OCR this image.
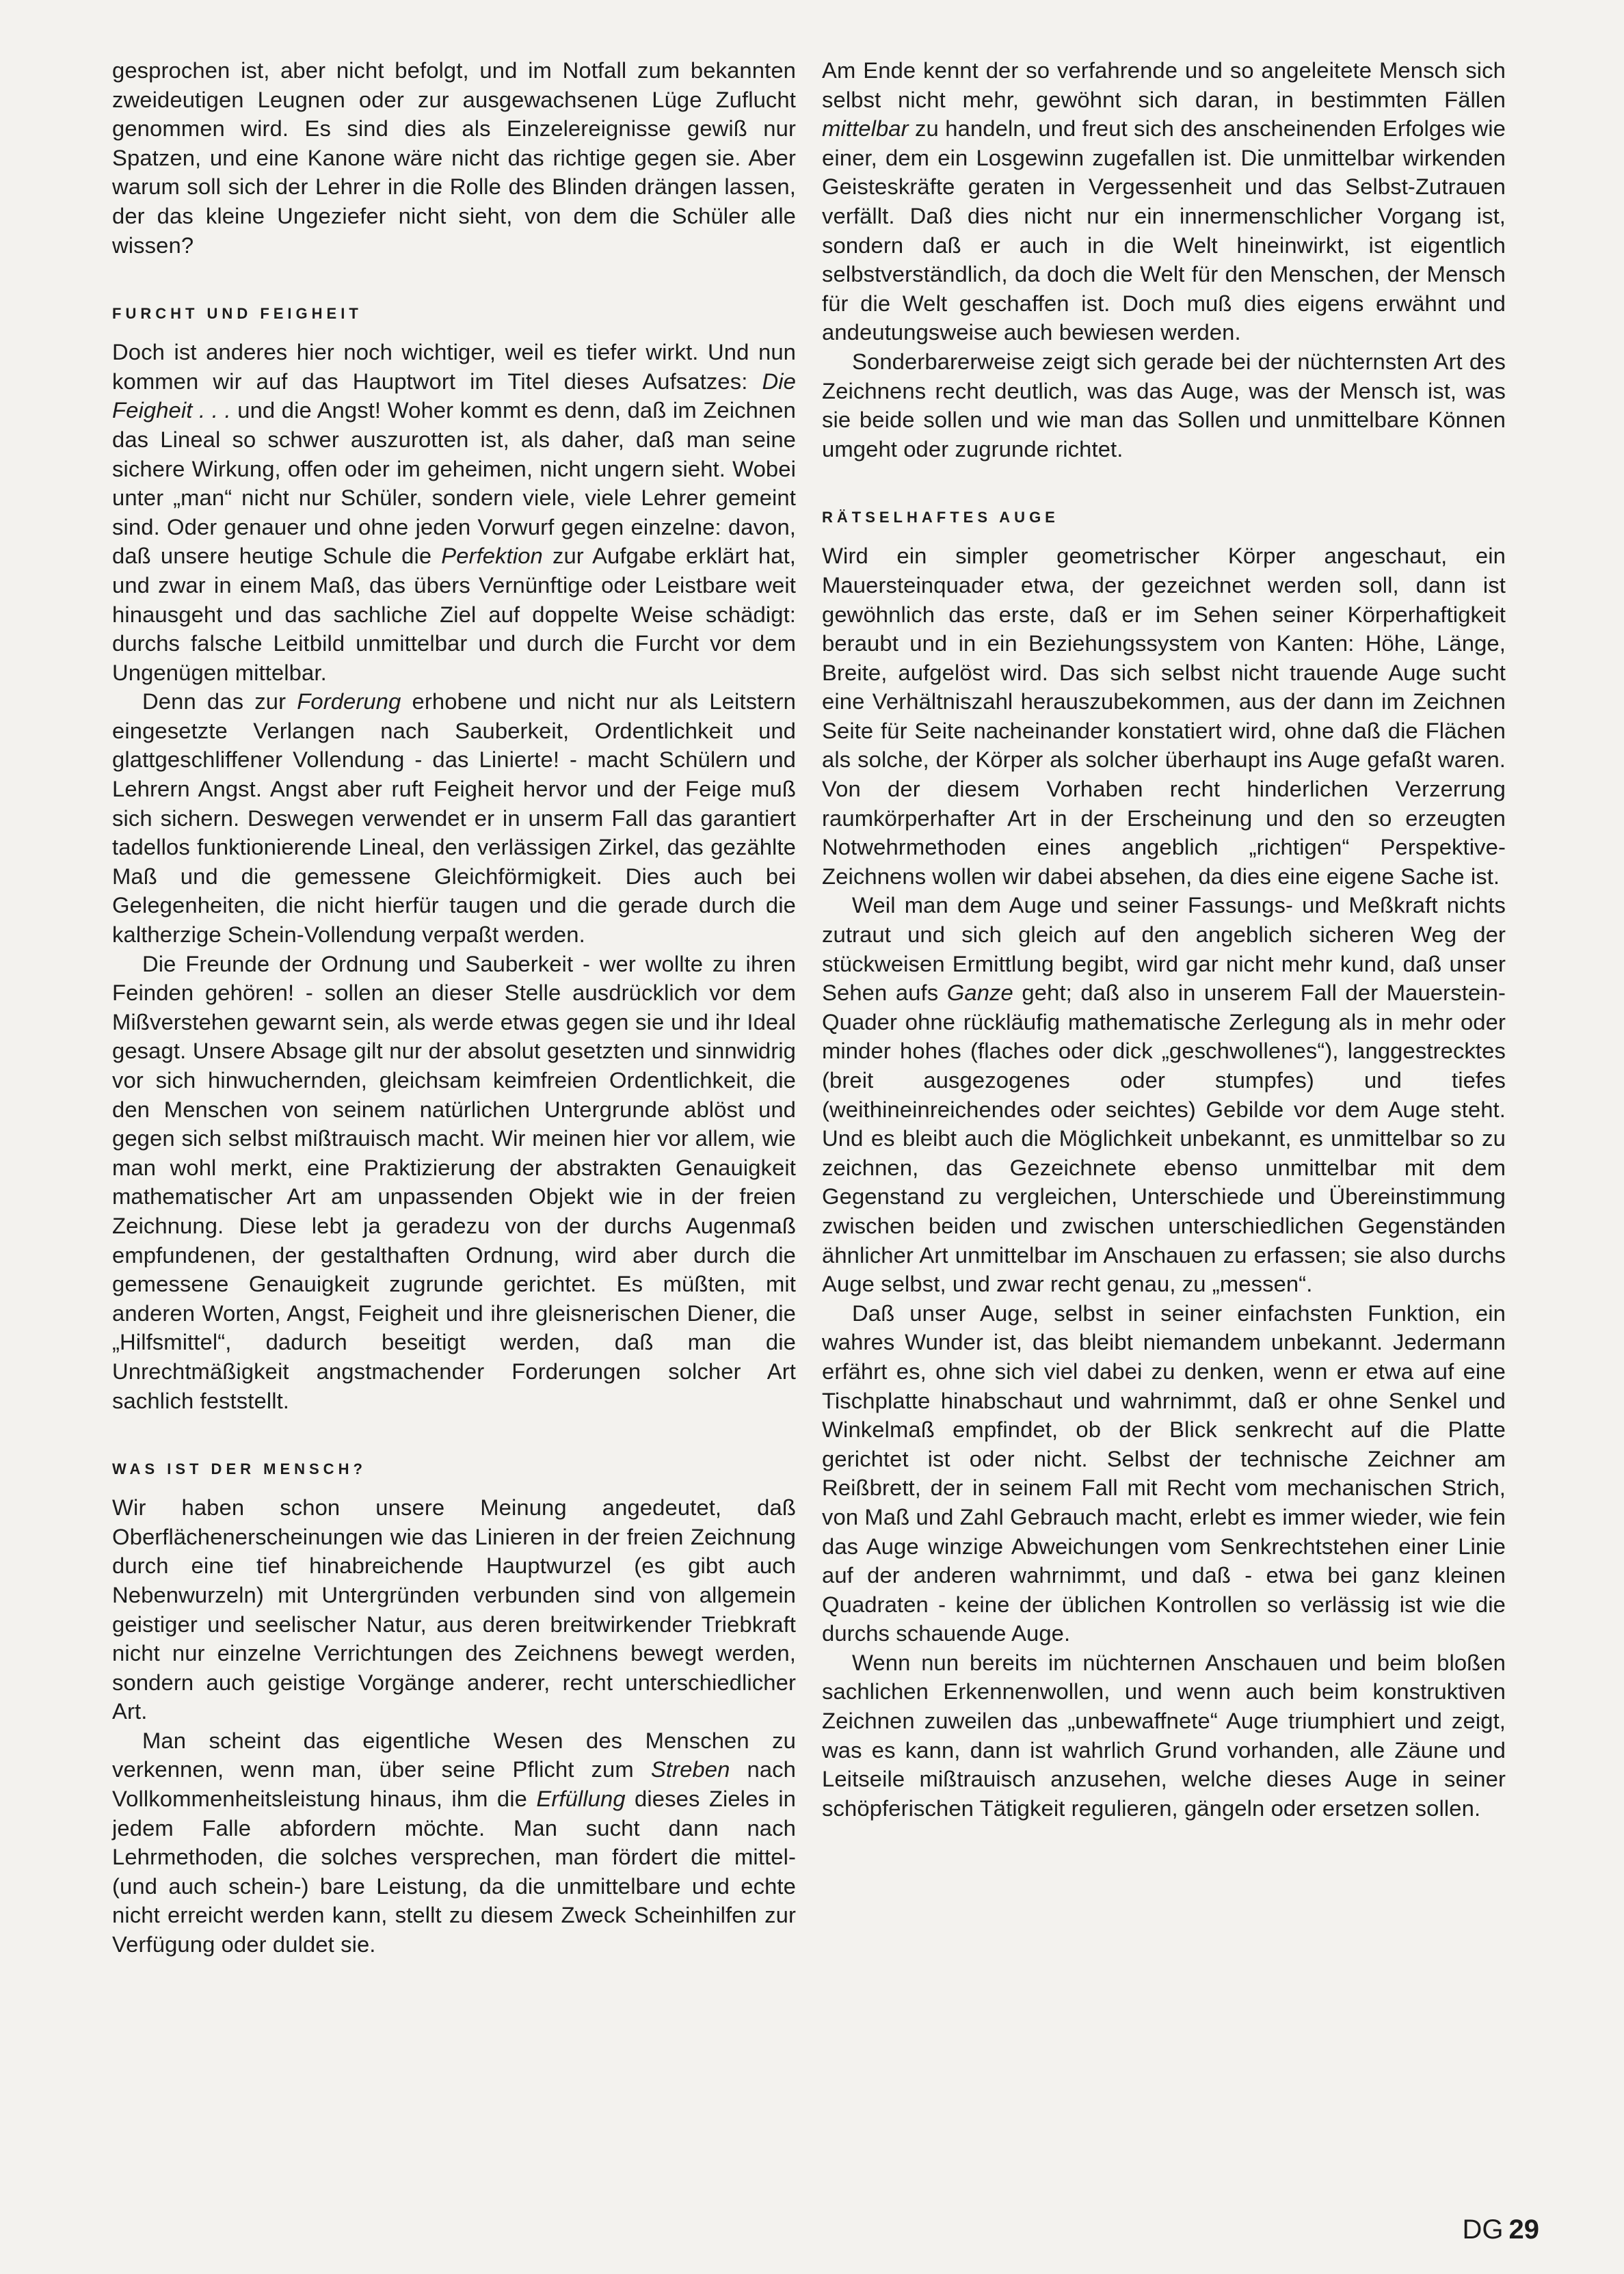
gesprochen ist, aber nicht befolgt, und im Notfall zum bekannten zweideutigen Leugnen oder zur ausgewachsenen Lüge Zuflucht genommen wird. Es sind dies als Einzelereignisse gewiß nur Spatzen, und eine Kanone wäre nicht das richtige gegen sie. Aber warum soll sich der Lehrer in die Rolle des Blinden drängen lassen, der das kleine Ungeziefer nicht sieht, von dem die Schüler alle wissen?

FURCHT UND FEIGHEIT

Doch ist anderes hier noch wichtiger, weil es tiefer wirkt. Und nun kommen wir auf das Hauptwort im Titel dieses Aufsatzes: Die Feigheit . . . und die Angst! Woher kommt es denn, daß im Zeichnen das Lineal so schwer auszurotten ist, als daher, daß man seine sichere Wirkung, offen oder im geheimen, nicht ungern sieht. Wobei unter „man“ nicht nur Schüler, sondern viele, viele Lehrer gemeint sind. Oder genauer und ohne jeden Vorwurf gegen einzelne: davon, daß unsere heutige Schule die Perfektion zur Aufgabe erklärt hat, und zwar in einem Maß, das übers Vernünftige oder Leistbare weit hinausgeht und das sachliche Ziel auf doppelte Weise schädigt: durchs falsche Leitbild unmittelbar und durch die Furcht vor dem Ungenügen mittelbar.

Denn das zur Forderung erhobene und nicht nur als Leitstern eingesetzte Verlangen nach Sauberkeit, Ordentlichkeit und glattgeschliffener Vollendung - das Linierte! - macht Schülern und Lehrern Angst. Angst aber ruft Feigheit hervor und der Feige muß sich sichern. Deswegen verwendet er in unserm Fall das garantiert tadellos funktionierende Lineal, den verlässigen Zirkel, das gezählte Maß und die gemessene Gleichförmigkeit. Dies auch bei Gelegenheiten, die nicht hierfür taugen und die gerade durch die kaltherzige Schein-Vollendung verpaßt werden.

Die Freunde der Ordnung und Sauberkeit - wer wollte zu ihren Feinden gehören! - sollen an dieser Stelle ausdrücklich vor dem Mißverstehen gewarnt sein, als werde etwas gegen sie und ihr Ideal gesagt. Unsere Absage gilt nur der absolut gesetzten und sinnwidrig vor sich hinwuchernden, gleichsam keimfreien Ordentlichkeit, die den Menschen von seinem natürlichen Untergrunde ablöst und gegen sich selbst mißtrauisch macht. Wir meinen hier vor allem, wie man wohl merkt, eine Praktizierung der abstrakten Genauigkeit mathematischer Art am unpassenden Objekt wie in der freien Zeichnung. Diese lebt ja geradezu von der durchs Augenmaß empfundenen, der gestalthaften Ordnung, wird aber durch die gemessene Genauigkeit zugrunde gerichtet. Es müßten, mit anderen Worten, Angst, Feigheit und ihre gleisnerischen Diener, die „Hilfsmittel“, dadurch beseitigt werden, daß man die Unrechtmäßigkeit angstmachender Forderungen solcher Art sachlich feststellt.

WAS IST DER MENSCH?

Wir haben schon unsere Meinung angedeutet, daß Oberflächenerscheinungen wie das Linieren in der freien Zeichnung durch eine tief hinabreichende Hauptwurzel (es gibt auch Nebenwurzeln) mit Untergründen verbunden sind von allgemein geistiger und seelischer Natur, aus deren breitwirkender Triebkraft nicht nur einzelne Verrichtungen des Zeichnens bewegt werden, sondern auch geistige Vorgänge anderer, recht unterschiedlicher Art.

Man scheint das eigentliche Wesen des Menschen zu verkennen, wenn man, über seine Pflicht zum Streben nach Vollkommenheitsleistung hinaus, ihm die Erfüllung dieses Zieles in jedem Falle abfordern möchte. Man sucht dann nach Lehrmethoden, die solches versprechen, man fördert die mittel- (und auch schein-) bare Leistung, da die unmittelbare und echte nicht erreicht werden kann, stellt zu diesem Zweck Scheinhilfen zur Verfügung oder duldet sie.

Am Ende kennt der so verfahrende und so angeleitete Mensch sich selbst nicht mehr, gewöhnt sich daran, in bestimmten Fällen mittelbar zu handeln, und freut sich des anscheinenden Erfolges wie einer, dem ein Losgewinn zugefallen ist. Die unmittelbar wirkenden Geisteskräfte geraten in Vergessenheit und das Selbst-Zutrauen verfällt. Daß dies nicht nur ein innermenschlicher Vorgang ist, sondern daß er auch in die Welt hineinwirkt, ist eigentlich selbstverständlich, da doch die Welt für den Menschen, der Mensch für die Welt geschaffen ist. Doch muß dies eigens erwähnt und andeutungsweise auch bewiesen werden.

Sonderbarerweise zeigt sich gerade bei der nüchternsten Art des Zeichnens recht deutlich, was das Auge, was der Mensch ist, was sie beide sollen und wie man das Sollen und unmittelbare Können umgeht oder zugrunde richtet.

RÄTSELHAFTES AUGE

Wird ein simpler geometrischer Körper angeschaut, ein Mauersteinquader etwa, der gezeichnet werden soll, dann ist gewöhnlich das erste, daß er im Sehen seiner Körperhaftigkeit beraubt und in ein Beziehungssystem von Kanten: Höhe, Länge, Breite, aufgelöst wird. Das sich selbst nicht trauende Auge sucht eine Verhältniszahl herauszubekommen, aus der dann im Zeichnen Seite für Seite nacheinander konstatiert wird, ohne daß die Flächen als solche, der Körper als solcher überhaupt ins Auge gefaßt waren. Von der diesem Vorhaben recht hinderlichen Verzerrung raumkörperhafter Art in der Erscheinung und den so erzeugten Notwehrmethoden eines angeblich „richtigen“ Perspektive-Zeichnens wollen wir dabei absehen, da dies eine eigene Sache ist.

Weil man dem Auge und seiner Fassungs- und Meßkraft nichts zutraut und sich gleich auf den angeblich sicheren Weg der stückweisen Ermittlung begibt, wird gar nicht mehr kund, daß unser Sehen aufs Ganze geht; daß also in unserem Fall der Mauerstein-Quader ohne rückläufig mathematische Zerlegung als in mehr oder minder hohes (flaches oder dick „geschwollenes“), langgestrecktes (breit ausgezogenes oder stumpfes) und tiefes (weithineinreichendes oder seichtes) Gebilde vor dem Auge steht. Und es bleibt auch die Möglichkeit unbekannt, es unmittelbar so zu zeichnen, das Gezeichnete ebenso unmittelbar mit dem Gegenstand zu vergleichen, Unterschiede und Übereinstimmung zwischen beiden und zwischen unterschiedlichen Gegenständen ähnlicher Art unmittelbar im Anschauen zu erfassen; sie also durchs Auge selbst, und zwar recht genau, zu „messen“.

Daß unser Auge, selbst in seiner einfachsten Funktion, ein wahres Wunder ist, das bleibt niemandem unbekannt. Jedermann erfährt es, ohne sich viel dabei zu denken, wenn er etwa auf eine Tischplatte hinabschaut und wahrnimmt, daß er ohne Senkel und Winkelmaß empfindet, ob der Blick senkrecht auf die Platte gerichtet ist oder nicht. Selbst der technische Zeichner am Reißbrett, der in seinem Fall mit Recht vom mechanischen Strich, von Maß und Zahl Gebrauch macht, erlebt es immer wieder, wie fein das Auge winzige Abweichungen vom Senkrechtstehen einer Linie auf der anderen wahrnimmt, und daß - etwa bei ganz kleinen Quadraten - keine der üblichen Kontrollen so verlässig ist wie die durchs schauende Auge.

Wenn nun bereits im nüchternen Anschauen und beim bloßen sachlichen Erkennenwollen, und wenn auch beim konstruktiven Zeichnen zuweilen das „unbewaffnete“ Auge triumphiert und zeigt, was es kann, dann ist wahrlich Grund vorhanden, alle Zäune und Leitseile mißtrauisch anzusehen, welche dieses Auge in seiner schöpferischen Tätigkeit regulieren, gängeln oder ersetzen sollen.

DG 29
